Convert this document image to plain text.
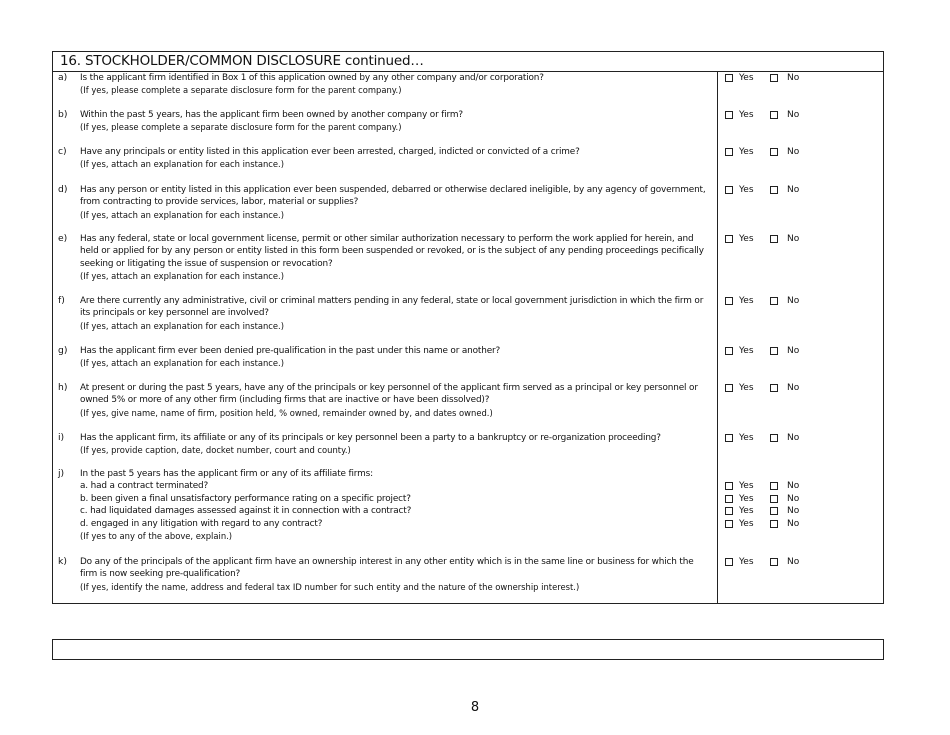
16. STOCKHOLDER/COMMON DISCLOSURE continued…
a) Is the applicant firm identified in Box 1 of this application owned by any other company and/or corporation?
(If yes, please complete a separate disclosure form for the parent company.)
Yes	No
b) Within the past 5 years, has the applicant firm been owned by another company or firm?
(If yes, please complete a separate disclosure form for the parent company.)
Yes	No
c) Have any principals or entity listed in this application ever been arrested, charged, indicted or convicted of a crime?
(If yes, attach an explanation for each instance.)
Yes	No
d) Has any person or entity listed in this application ever been suspended, debarred or otherwise declared ineligible, by any agency of government,
from contracting to provide services, labor, material or supplies?
(If yes, attach an explanation for each instance.)
Yes	No
e) Has any federal, state or local government license, permit or other similar authorization necessary to perform the work applied for herein, and
held or applied for by any person or entity listed in this form been suspended or revoked, or is the subject of any pending proceedings pecifically
seeking or litigating the issue of suspension or revocation?
(If yes, attach an explanation for each instance.)
Yes	No
f) Are there currently any administrative, civil or criminal matters pending in any federal, state or local government jurisdiction in which the firm or
its principals or key personnel are involved?
(If yes, attach an explanation for each instance.)
Yes	No
g) Has the applicant firm ever been denied pre-qualification in the past under this name or another?
(If yes, attach an explanation for each instance.)
Yes	No
h) At present or during the past 5 years, have any of the principals or key personnel of the applicant firm served as a principal or key personnel or
owned 5% or more of any other firm (including firms that are inactive or have been dissolved)?
(If yes, give name, name of firm, position held, % owned, remainder owned by, and dates owned.)
Yes	No
i) Has the applicant firm, its affiliate or any of its principals or key personnel been a party to a bankruptcy or re-organization proceeding?
(If yes, provide caption, date, docket number, court and county.)
Yes	No
j) In the past 5 years has the applicant firm or any of its affiliate firms:
a. had a contract terminated?
b. been given a final unsatisfactory performance rating on a specific project?
c. had liquidated damages assessed against it in connection with a contract?
d. engaged in any litigation with regard to any contract?
(If yes to any of the above, explain.)
Yes	No
Yes	No
Yes	No
Yes	No
k) Do any of the principals of the applicant firm have an ownership interest in any other entity which is in the same line or business for which the
firm is now seeking pre-qualification?
(If yes, identify the name, address and federal tax ID number for such entity and the nature of the ownership interest.)
Yes	No
8
